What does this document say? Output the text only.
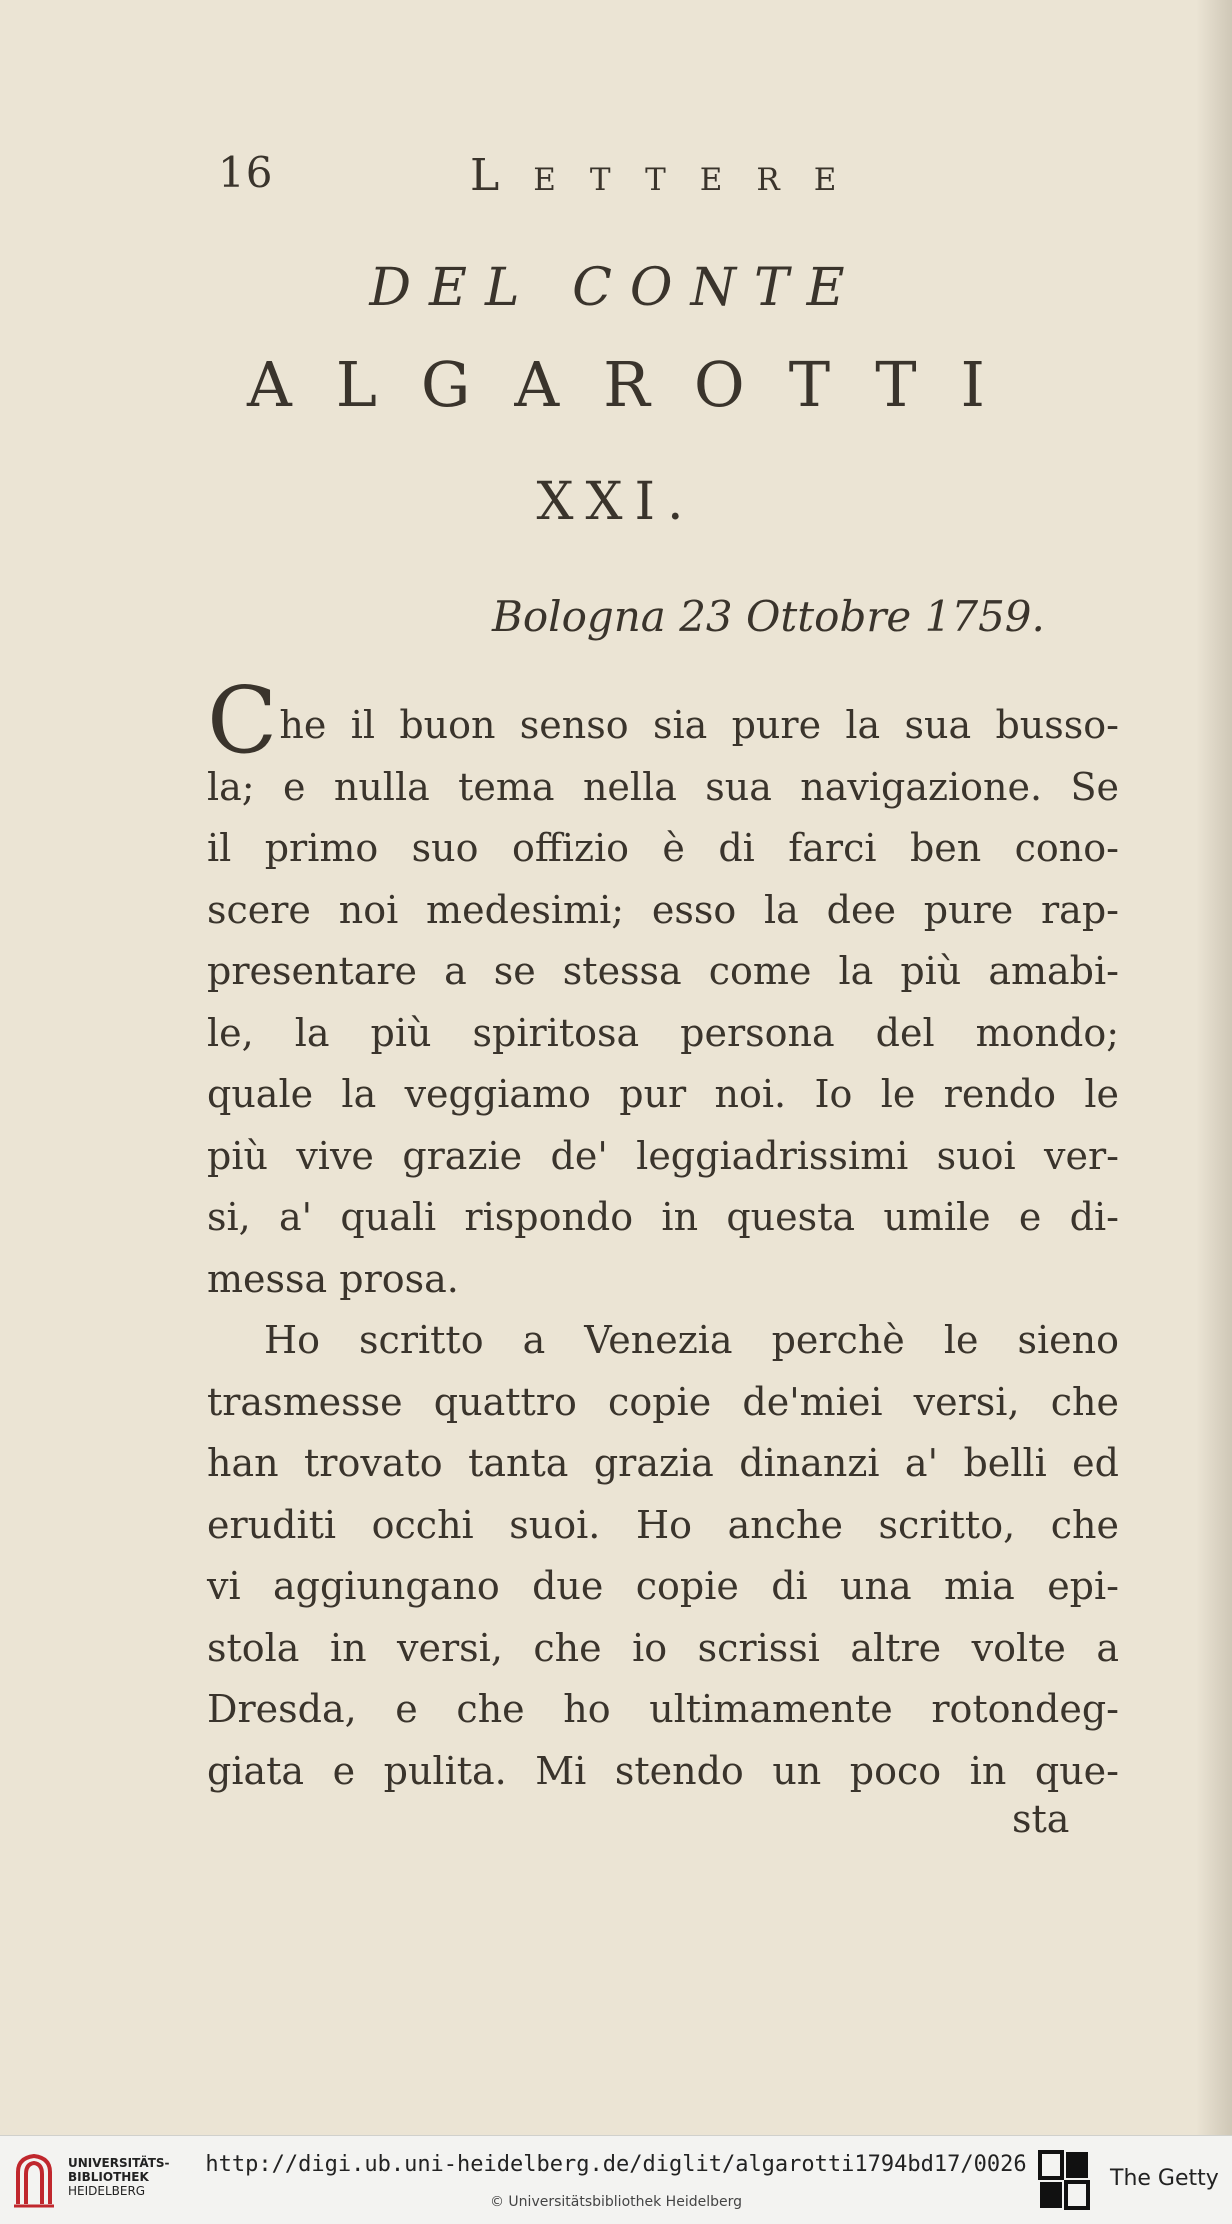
16	Lettere
DEL CONTE
ALGAROTTI
XXI.
Bologna 23 Ottobre 1759.
Che il buon senso sia pure la sua busso-
la; e nulla tema nella sua navigazione. Se
il primo suo offizio è di farci ben cono-
scere noi medesimi; esso la dee pure rap-
presentare a se stessa come la più amabi-
le, la più spiritosa persona del mondo;
quale la veggiamo pur noi. Io le rendo le
più vive grazie de' leggiadrissimi suoi ver-
si, a' quali rispondo in questa umile e di-
messa prosa.
Ho scritto a Venezia perchè le sieno
trasmesse quattro copie de'miei versi, che
han trovato tanta grazia dinanzi a' belli ed
eruditi occhi suoi. Ho anche scritto, che
vi aggiungano due copie di una mia epi-
stola in versi, che io scrissi altre volte a
Dresda, e che ho ultimamente rotondeg-
giata e pulita. Mi stendo un poco in que-
sta
UNIVERSITÄTS-
BIBLIOTHEK
HEIDELBERG
http://digi.ub.uni-heidelberg.de/diglit/algarotti1794bd17/0026
© Universitätsbibliothek Heidelberg
The Getty
